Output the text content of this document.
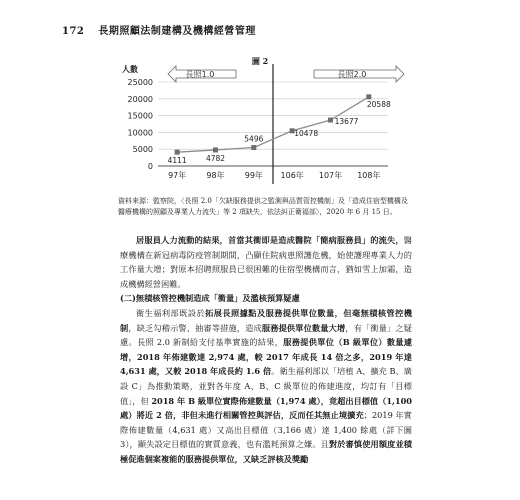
172 長期照顧法制建構及機構經營管理
圖 2
0
5000
10000
15000
20000
25000
人數
97年	98年	99年 106年 107年 108年
長照1.0	長照2.0
4111	4782
5496
10478
13677
20588
資料來源：監察院，〈長照 2.0「欠缺服務提供之監測與品質管控機制」及「造成住宿型機構及醫療機構的照顧及專業人力流失」等 2 項缺失，依法糾正衛福部〉，2020 年 6 月 15 日。

居服員人力流動的結果，首當其衝即是造成醫院「簡病服務員」的流失，醫療機構在新冠病毒防疫管制期間，凸顯住院病患照護危機，始使護理專業人力的工作量大增；對原本招聘照服員已很困難的住宿型機構而言，猶如雪上加霜，造成機構經營困難。

(二)無積核管控機制造成「衝量」及濫核預算疑慮

衛生福利部既設於拓展長照據點及服務提供單位數量，但毫無積核管控機制，缺乏勾稽示警、抽審等措施，造成服務提供單位數量大增，有「衝量」之疑慮。長照 2.0 新制給支付基準實施的結果，服務提供單位（B 級單位）數量遽增，2018 年佈建數達 2,974 處，較 2017 年成長 14 倍之多，2019 年達 4,631 處，又較 2018 年成長約 1.6 倍。衛生福利部以「培植 A、擴充 B、廣設 C」為推動策略，並對各年度 A、B、C 級單位的佈建進度，均訂有「目標值」，但 2018 年 B 級單位實際佈建數量（1,974 處），竟超出目標值（1,100 處）將近 2 倍，非但未進行相關管控與評估，反而任其無止境擴充；2019 年實際佈建數量（4,631 處）又高出目標值（3,166 處）達 1,400 餘處（詳下圖 3），顯失設定目標值的實質意義，也有濫耗預算之嫌。且對於審慎使用額度並積極促進個案複能的服務提供單位，又缺乏評核及獎勵
